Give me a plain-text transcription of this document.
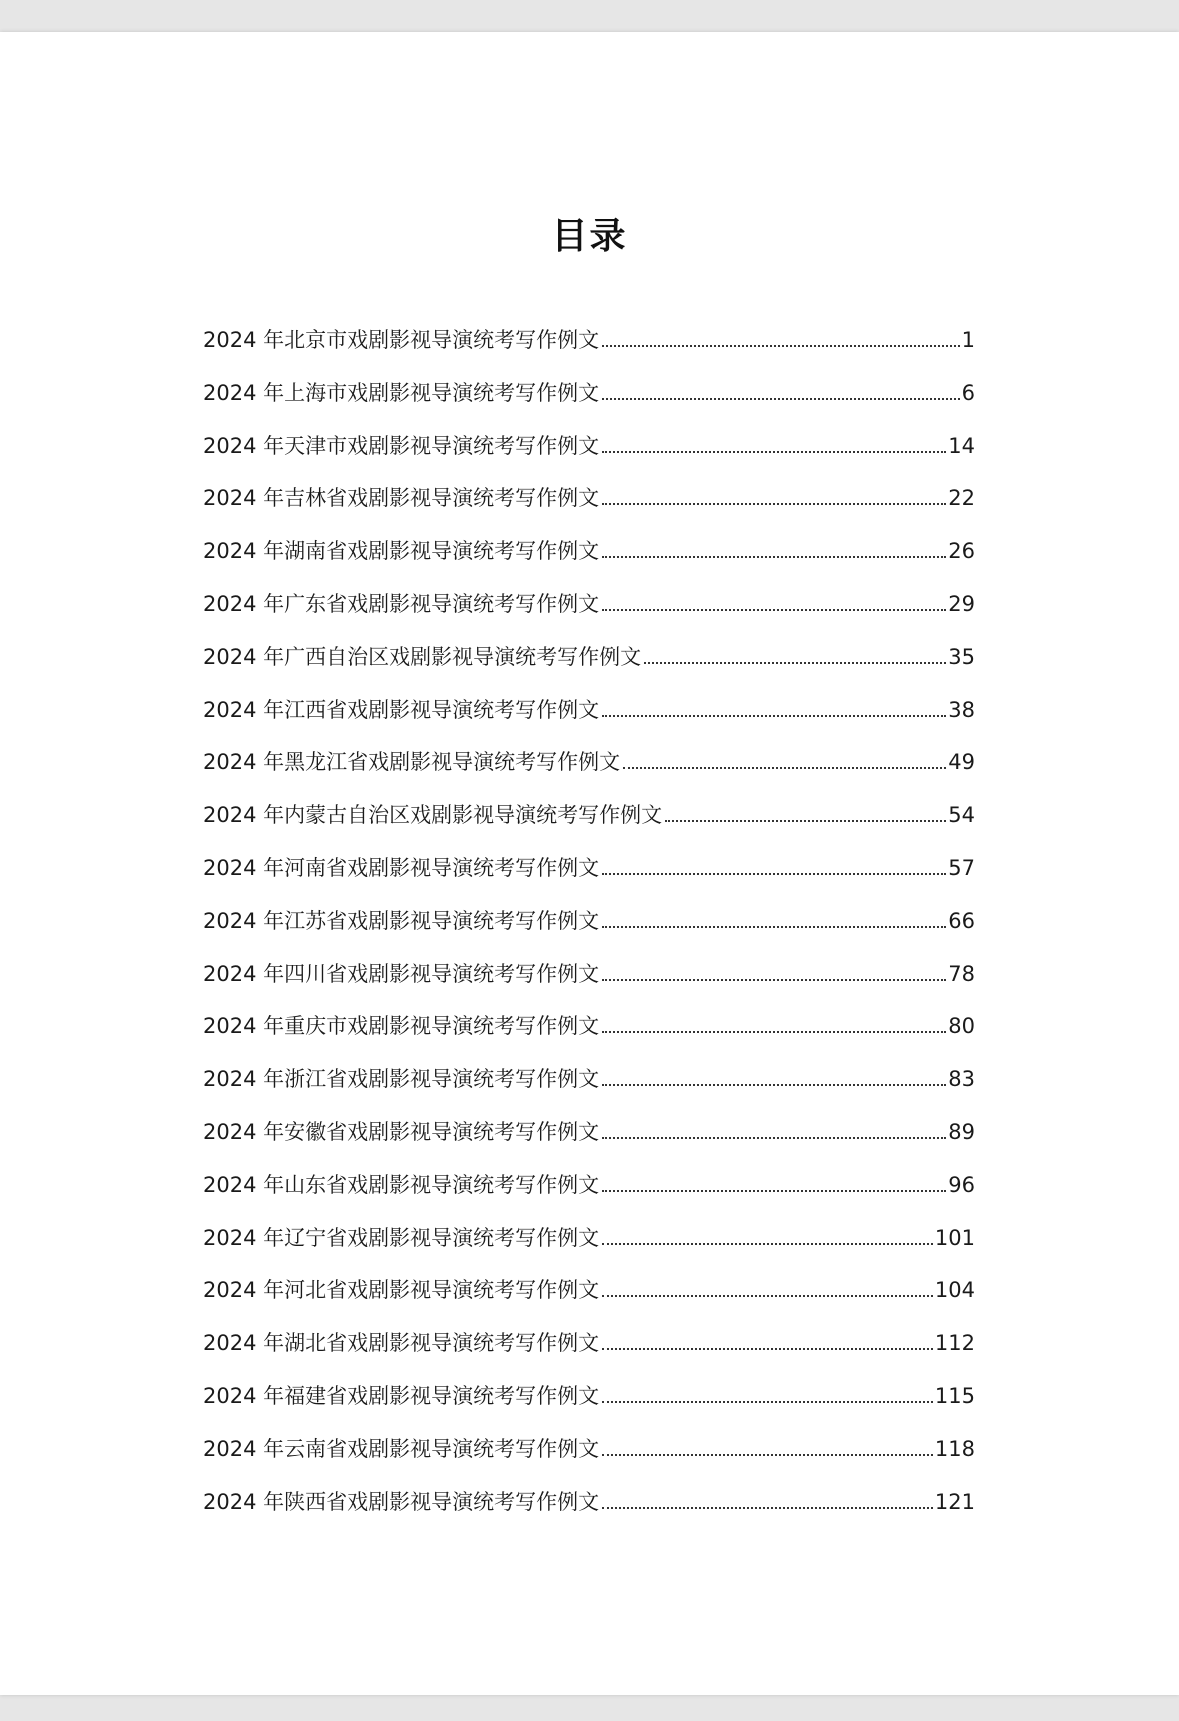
目录
2024 年北京市戏剧影视导演统考写作例文	1
2024 年上海市戏剧影视导演统考写作例文	6
2024 年天津市戏剧影视导演统考写作例文	14
2024 年吉林省戏剧影视导演统考写作例文	22
2024 年湖南省戏剧影视导演统考写作例文	26
2024 年广东省戏剧影视导演统考写作例文	29
2024 年广西自治区戏剧影视导演统考写作例文	35
2024 年江西省戏剧影视导演统考写作例文	38
2024 年黑龙江省戏剧影视导演统考写作例文	49
2024 年内蒙古自治区戏剧影视导演统考写作例文	54
2024 年河南省戏剧影视导演统考写作例文	57
2024 年江苏省戏剧影视导演统考写作例文	66
2024 年四川省戏剧影视导演统考写作例文	78
2024 年重庆市戏剧影视导演统考写作例文	80
2024 年浙江省戏剧影视导演统考写作例文	83
2024 年安徽省戏剧影视导演统考写作例文	89
2024 年山东省戏剧影视导演统考写作例文	96
2024 年辽宁省戏剧影视导演统考写作例文	101
2024 年河北省戏剧影视导演统考写作例文	104
2024 年湖北省戏剧影视导演统考写作例文	112
2024 年福建省戏剧影视导演统考写作例文	115
2024 年云南省戏剧影视导演统考写作例文	118
2024 年陕西省戏剧影视导演统考写作例文	121
